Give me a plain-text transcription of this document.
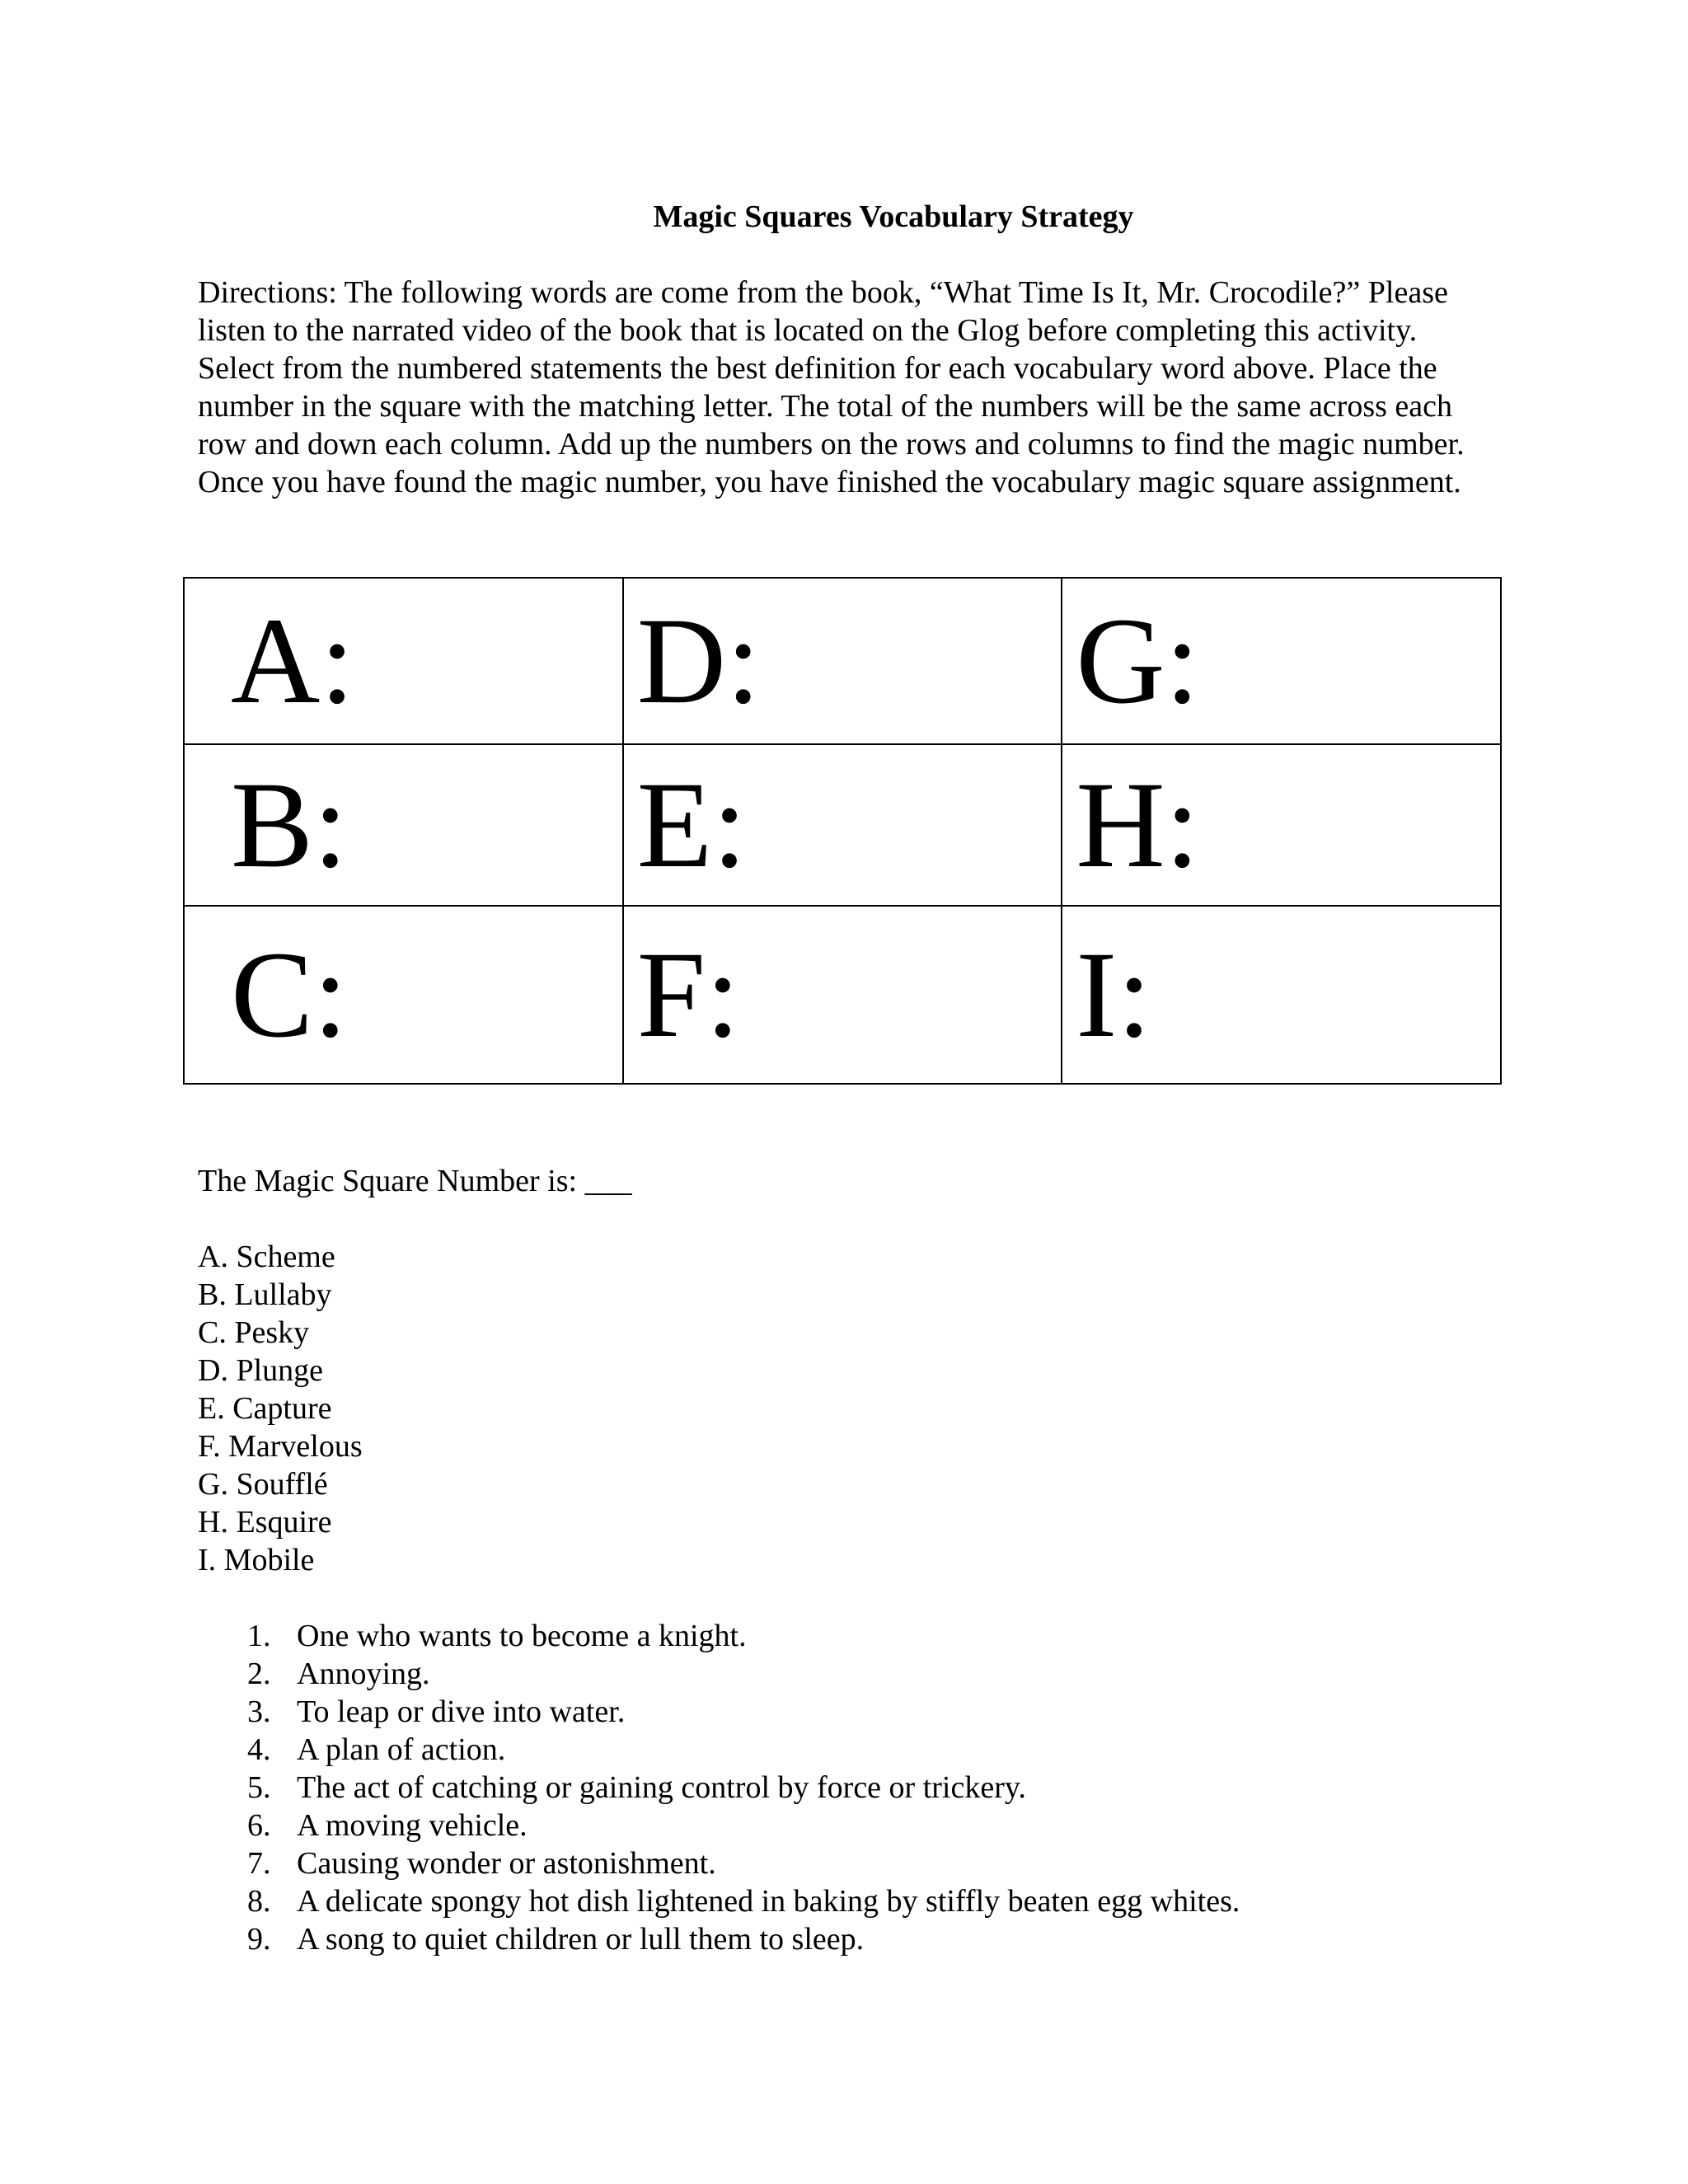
Magic Squares Vocabulary Strategy

Directions: The following words are come from the book, “What Time Is It, Mr. Crocodile?” Please listen to the narrated video of the book that is located on the Glog before completing this activity. Select from the numbered statements the best definition for each vocabulary word above. Place the number in the square with the matching letter. The total of the numbers will be the same across each row and down each column. Add up the numbers on the rows and columns to find the magic number. Once you have found the magic number, you have finished the vocabulary magic square assignment.

A:	D:	G:
B:	E:	H:
C:	F:	I:
The Magic Square Number is: ___
A. Scheme
B. Lullaby
C. Pesky
D. Plunge
E. Capture
F. Marvelous
G. Soufflé
H. Esquire
I. Mobile
1. One who wants to become a knight.
2. Annoying.
3. To leap or dive into water.
4. A plan of action.
5. The act of catching or gaining control by force or trickery.
6. A moving vehicle.
7. Causing wonder or astonishment.
8. A delicate spongy hot dish lightened in baking by stiffly beaten egg whites.
9. A song to quiet children or lull them to sleep.
